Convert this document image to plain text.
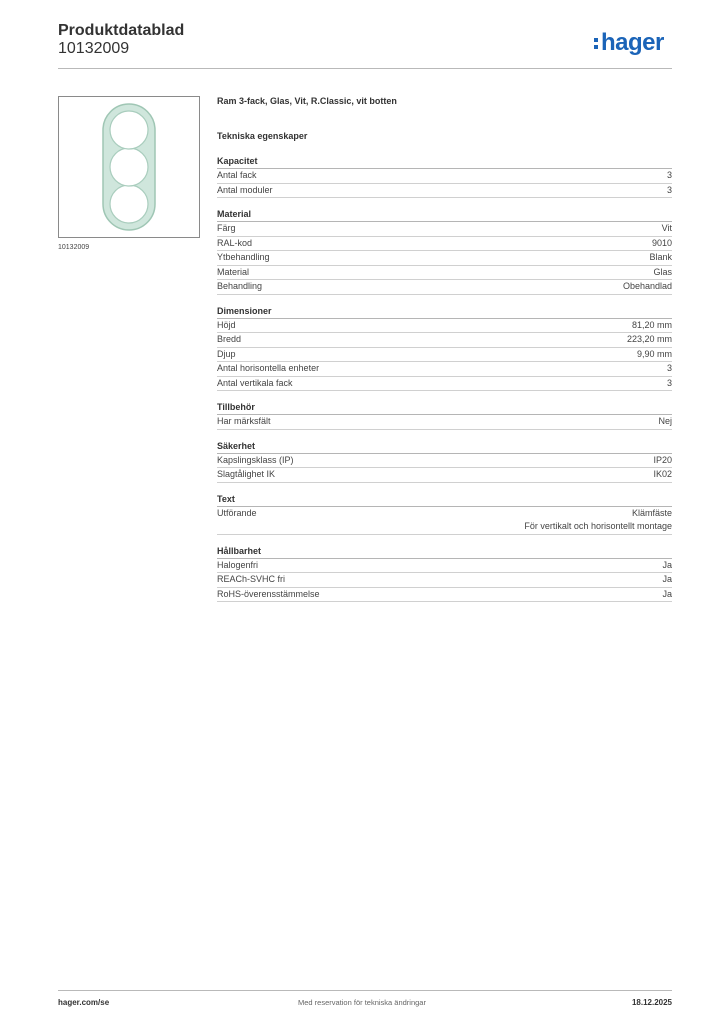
Produktdatablad
10132009	hager
10132009
Ram 3-fack, Glas, Vit, R.Classic, vit botten
Tekniska egenskaper
Kapacitet
Antal fack	3
Antal moduler	3
Material
Färg	Vit
RAL-kod	9010
Ytbehandling	Blank
Material	Glas
Behandling	Obehandlad
Dimensioner
Höjd	81,20 mm
Bredd	223,20 mm
Djup	9,90 mm
Antal horisontella enheter	3
Antal vertikala fack	3
Tillbehör
Har märksfält	Nej
Säkerhet
Kapslingsklass (IP)	IP20
Slagtålighet IK	IK02
Text
Utförande	Klämfäste
För vertikalt och horisontellt montage
Hållbarhet
Halogenfri	Ja
REACh-SVHC fri	Ja
RoHS-överensstämmelse	Ja
hager.com/se	Med reservation för tekniska ändringar	18.12.2025
